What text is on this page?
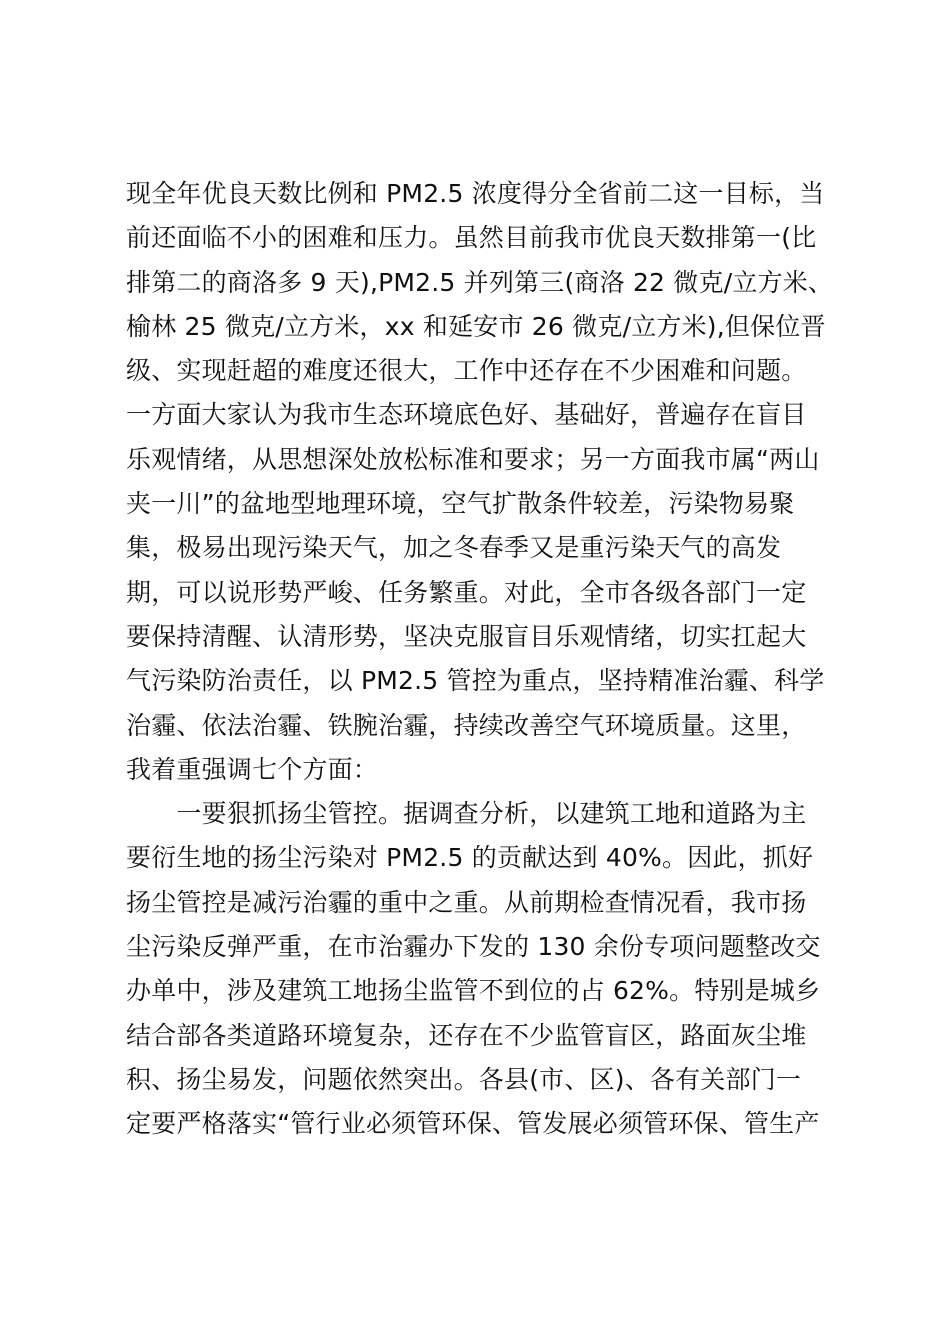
现全年优良天数比例和 PM2.5 浓度得分全省前二这一目标，当
前还面临不小的困难和压力。虽然目前我市优良天数排第一(比
排第二的商洛多 9 天),PM2.5 并列第三(商洛 22 微克/立方米、
榆林 25 微克/立方米，xx 和延安市 26 微克/立方米),但保位晋
级、实现赶超的难度还很大，工作中还存在不少困难和问题。
一方面大家认为我市生态环境底色好、基础好，普遍存在盲目
乐观情绪，从思想深处放松标准和要求；另一方面我市属“两山
夹一川”的盆地型地理环境，空气扩散条件较差，污染物易聚
集，极易出现污染天气，加之冬春季又是重污染天气的高发
期，可以说形势严峻、任务繁重。对此，全市各级各部门一定
要保持清醒、认清形势，坚决克服盲目乐观情绪，切实扛起大
气污染防治责任，以 PM2.5 管控为重点，坚持精准治霾、科学
治霾、依法治霾、铁腕治霾，持续改善空气环境质量。这里，
我着重强调七个方面：
　　一要狠抓扬尘管控。据调查分析，以建筑工地和道路为主
要衍生地的扬尘污染对 PM2.5 的贡献达到 40%。因此，抓好
扬尘管控是减污治霾的重中之重。从前期检查情况看，我市扬
尘污染反弹严重，在市治霾办下发的 130 余份专项问题整改交
办单中，涉及建筑工地扬尘监管不到位的占 62%。特别是城乡
结合部各类道路环境复杂，还存在不少监管盲区，路面灰尘堆
积、扬尘易发，问题依然突出。各县(市、区)、各有关部门一
定要严格落实“管行业必须管环保、管发展必须管环保、管生产
